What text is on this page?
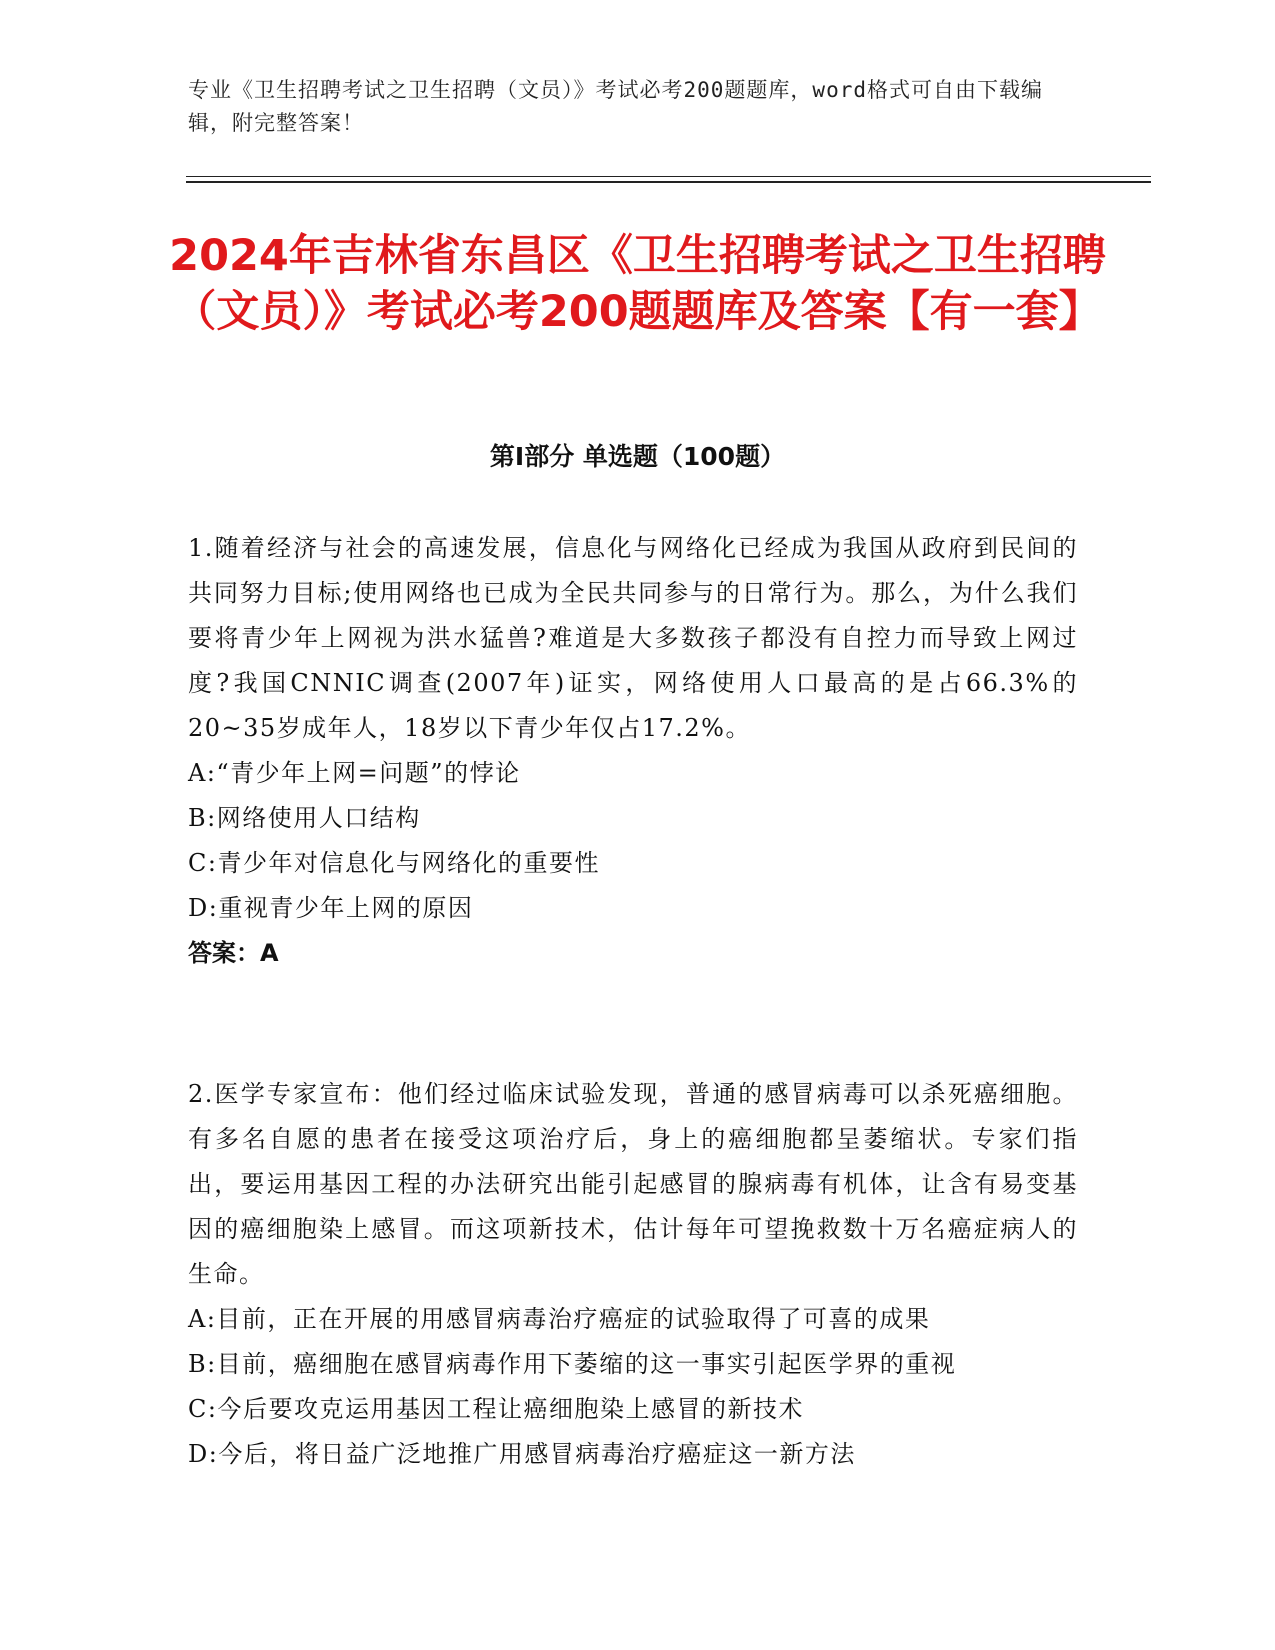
专业《卫生招聘考试之卫生招聘（文员）》考试必考200题题库，word格式可自由下载编辑，附完整答案！
2024年吉林省东昌区《卫生招聘考试之卫生招聘（文员）》考试必考200题题库及答案【有一套】
第I部分 单选题（100题）

1.随着经济与社会的高速发展，信息化与网络化已经成为我国从政府到民间的共同努力目标;使用网络也已成为全民共同参与的日常行为。那么，为什么我们要将青少年上网视为洪水猛兽?难道是大多数孩子都没有自控力而导致上网过度?我国CNNIC调查(2007年)证实，网络使用人口最高的是占66.3%的20~35岁成年人，18岁以下青少年仅占17.2%。

A:“青少年上网=问题”的悖论

B:网络使用人口结构

C:青少年对信息化与网络化的重要性

D:重视青少年上网的原因

答案：A

2.医学专家宣布：他们经过临床试验发现，普通的感冒病毒可以杀死癌细胞。有多名自愿的患者在接受这项治疗后，身上的癌细胞都呈萎缩状。专家们指出，要运用基因工程的办法研究出能引起感冒的腺病毒有机体，让含有易变基因的癌细胞染上感冒。而这项新技术，估计每年可望挽救数十万名癌症病人的生命。

A:目前，正在开展的用感冒病毒治疗癌症的试验取得了可喜的成果

B:目前，癌细胞在感冒病毒作用下萎缩的这一事实引起医学界的重视

C:今后要攻克运用基因工程让癌细胞染上感冒的新技术

D:今后，将日益广泛地推广用感冒病毒治疗癌症这一新方法
